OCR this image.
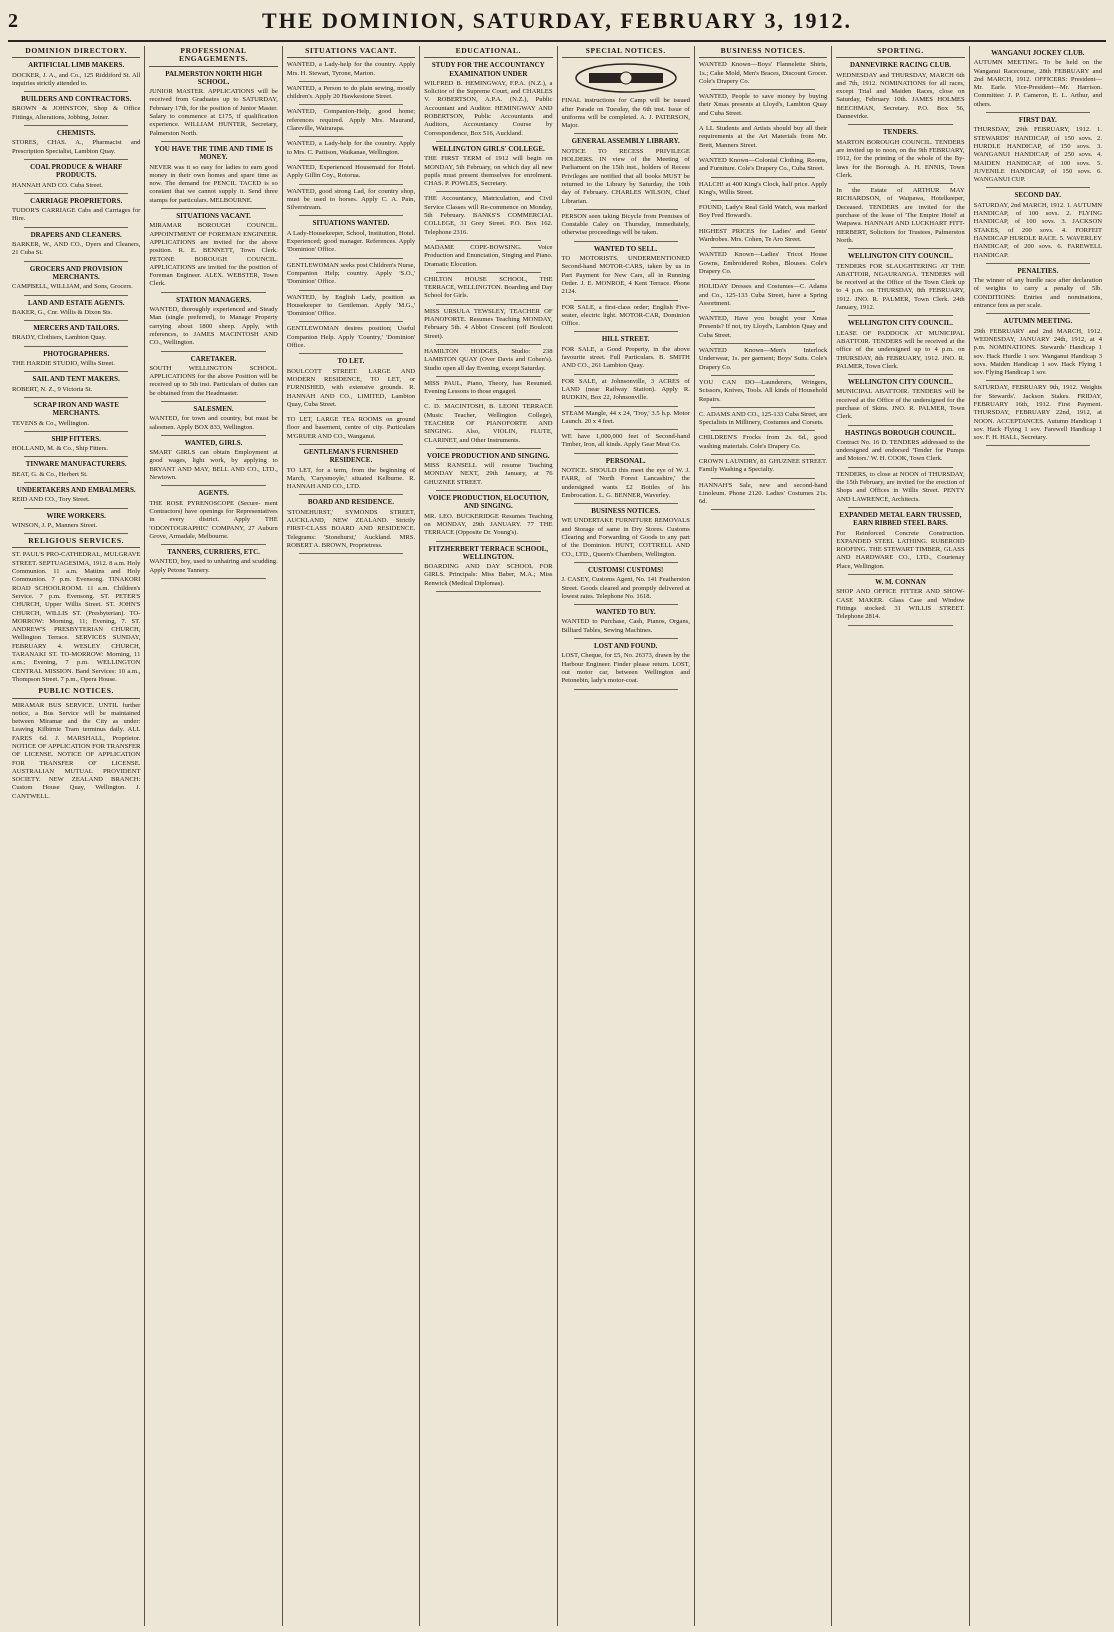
2	THE DOMINION, SATURDAY, FEBRUARY 3, 1912.
DOMINION DIRECTORY.
ARTIFICIAL LIMB MAKERS.
DOCKER, J. A., and Co., 125 Riddiford St. All inquiries strictly attended to.
BUILDERS AND CONTRACTORS.
BROWN & JOHNSTON, Shop & Office Fittings, Alterations, Jobbing, Joiner.
CHEMISTS.
STORES, CHAS. A., Pharmacist and Prescription Specialist, Lambton Quay.
COAL PRODUCE & WHARF PRODUCTS.
HANNAH AND CO. Cuba Street.
CARRIAGE PROPRIETORS.
TUDOR'S CARRIAGE Cabs and Carriages for Hire.
DRAPERS AND CLEANERS.
BARKER, W., AND CO., Dyers and Cleaners, 21 Cuba St.
GROCERS AND PROVISION MERCHANTS.
CAMPBELL, WILLIAM, and Sons, Grocers.
LAND AND ESTATE AGENTS.
BAKER, G., Cnr. Willis & Dixon Sts.
MERCERS AND TAILORS.
BRADY, Clothiers, Lambton Quay.
PHOTOGRAPHERS.
THE HARDIE STUDIO, Willis Street.
SAIL AND TENT MAKERS.
ROBERT, N. Z., 9 Victoria St.
SCRAP IRON AND WASTE MERCHANTS.
TEVENS & Co., Wellington.
SHIP FITTERS.
HOLLAND, M. & Co., Ship Fitters.
TINWARE MANUFACTURERS.
BEAT, G. & Co., Herbert St.
UNDERTAKERS AND EMBALMERS.
REID AND CO., Tory Street.
WIRE WORKERS.
WINSON, J. P., Manners Street.
RELIGIOUS SERVICES.
ST. PAUL'S PRO-CATHEDRAL, MULGRAVE STREET. SEPTUAGESIMA, 1912. 8 a.m. Holy Communion. 11 a.m. Mattins and Holy Communion. 7 p.m. Evensong. TINAKORI ROAD SCHOOLROOM. 11 a.m. Children's Service. 7 p.m. Evensong. ST. PETER'S CHURCH, Upper Willis Street. ST. JOHN'S CHURCH, WILLIS ST. (Presbyterian). TO-MORROW: Morning, 11; Evening, 7. ST. ANDREW'S PRESBYTERIAN CHURCH, Wellington Terrace. SERVICES SUNDAY, FEBRUARY 4. WESLEY CHURCH, TARANAKI ST. TO-MORROW: Morning, 11 a.m.; Evening, 7 p.m. WELLINGTON CENTRAL MISSION. Band Services: 10 a.m., Thompson Street. 7 p.m., Opera House.
PUBLIC NOTICES.
MIRAMAR BUS SERVICE. UNTIL further notice, a Bus Service will be maintained between Miramar and the City as under: Leaving Kilbirnie Tram terminus daily. ALL FARES 6d. J. MARSHALL, Proprietor. NOTICE OF APPLICATION FOR TRANSFER OF LICENSE. NOTICE OF APPLICATION FOR TRANSFER OF LICENSE. AUSTRALIAN MUTUAL PROVIDENT SOCIETY. NEW ZEALAND BRANCH: Custom House Quay, Wellington. J. CANTWELL.
PROFESSIONAL ENGAGEMENTS.
PALMERSTON NORTH HIGH SCHOOL.
JUNIOR MASTER. APPLICATIONS will be received from Graduates up to SATURDAY, February 17th, for the position of Junior Master. Salary to commence at £175, if qualification experience. WILLIAM HUNTER, Secretary, Palmerston North.
YOU HAVE THE TIME AND TIME IS MONEY.
NEVER was it so easy for ladies to earn good money in their own homes and spare time as now. The demand for PENCIL TACED is so constant that we cannot supply it. Send three stamps for particulars. MELBOURNE.
SITUATIONS VACANT.
MIRAMAR BOROUGH COUNCIL. APPOINTMENT OF FOREMAN ENGINEER. APPLICATIONS are invited for the above position. R. E. BENNETT, Town Clerk. PETONE BOROUGH COUNCIL. APPLICATIONS are invited for the position of Foreman Engineer. ALEX. WEBSTER, Town Clerk.
STATION MANAGERS.
WANTED, thoroughly experienced and Steady Man (single preferred), to Manage Property carrying about 1800 sheep. Apply, with references, to JAMES MACINTOSH AND CO., Wellington.
CARETAKER.
SOUTH WELLINGTON SCHOOL. APPLICATIONS for the above Position will be received up to 5th inst. Particulars of duties can be obtained from the Headmaster.
SALESMEN.
WANTED, for town and country, but must be salesmen. Apply BOX 833, Wellington.
WANTED, GIRLS.
SMART GIRLS can obtain Employment at good wages, light work, by applying to BRYANT AND MAY, BELL AND CO., LTD., Newtown.
AGENTS.
THE ROSE PYRENOSCOPE (Secure- ment Contractors) have openings for Representatives in every district. Apply THE 'ODONTOGRAPHIC' COMPANY, 27 Auburn Grove, Armadale, Melbourne.
TANNERS, CURRIERS, ETC.
WANTED, boy, used to unhairing and scudding. Apply Petone Tannery.
SITUATIONS VACANT.
WANTED, a Lady-help for the country. Apply Mrs. H. Stewart, Tyrone, Marton.
WANTED, a Person to do plain sewing, mostly children's. Apply 20 Hawkestone Street.
WANTED, Companion-Help, good home; references required. Apply Mrs. Maurand, Clareville, Wairarapa.
WANTED, a Lady-help for the country. Apply to Mrs. C. Pattison, Waikanae, Wellington.
WANTED, Experienced Housemaid for Hotel. Apply Gillin Coy., Rotorua.
WANTED, good strong Lad, for country shop, must be used to horses. Apply C. A. Pain, Silverstream.
SITUATIONS WANTED.
A Lady-Housekeeper, School, Institution, Hotel. Experienced; good manager. References. Apply 'Dominion' Office.
GENTLEWOMAN seeks post Children's Nurse, Companion Help; country. Apply 'S.O.,' 'Dominion' Office.
WANTED, by English Lady, position as Housekeeper to Gentleman. Apply 'M.G.,' 'Dominion' Office.
GENTLEWOMAN desires position; Useful Companion Help. Apply 'Country,' 'Dominion' Office.
TO LET.
BOULCOTT STREET. LARGE AND MODERN RESIDENCE, TO LET, or FURNISHED, with extensive grounds. R. HANNAH AND CO., LIMITED, Lambton Quay, Cuba Street.
TO LET, LARGE TEA ROOMS on ground floor and basement, centre of city. Particulars M'GRUER AND CO., Wanganui.
GENTLEMAN'S FURNISHED RESIDENCE.
TO LET, for a term, from the beginning of March, 'Carysmoyle,' situated Kelburne. R. HANNAH AND CO., LTD.
BOARD AND RESIDENCE.
'STONEHURST,' SYMONDS STREET, AUCKLAND, NEW ZEALAND. Strictly FIRST-CLASS BOARD AND RESIDENCE. Telegrams: 'Stonehurst,' Auckland. MRS. ROBERT A. BROWN, Proprietress.
EDUCATIONAL.
STUDY FOR THE ACCOUNTANCY EXAMINATION UNDER
WILFRED B. HEMINGWAY, F.P.A. (N.Z.), a Solicitor of the Supreme Court, and CHARLES V. ROBERTSON, A.P.A. (N.Z.), Public Accountant and Auditor. HEMINGWAY AND ROBERTSON, Public Accountants and Auditors, Accountancy Course by Correspondence, Box 516, Auckland.
WELLINGTON GIRLS' COLLEGE.
THE FIRST TERM of 1912 will begin on MONDAY, 5th February, on which day all new pupils must present themselves for enrolment. CHAS. P. POWLES, Secretary.
THE Accountancy, Matriculation, and Civil Service Classes will Re-commence on Monday, 5th February. BANKS'S COMMERCIAL COLLEGE, 31 Grey Street. P.O. Box 162. Telephone 2316.
MADAME COPE-BOWSING. Voice Production and Enunciation, Singing and Piano. Dramatic Elocution.
CHILTON HOUSE SCHOOL, THE TERRACE, WELLINGTON. Boarding and Day School for Girls.
MISS URSULA TEWSLEY, TEACHER OF PIANOFORTE. Resumes Teaching MONDAY, February 5th. 4 Abbot Crescent (off Boulcott Street).
HAMILTON HODGES, Studio: 238 LAMBTON QUAY (Over Davis and Cohen's). Studio open all day Evening, except Saturday.
MISS PAUL, Piano, Theory, has Resumed. Evening Lessons to those engaged.
C. D. MACINTOSH, B. LEONI TERRACE (Music Teacher, Wellington College), TEACHER OF PIANOFORTE AND SINGING. Also, VIOLIN, FLUTE, CLARINET, and Other Instruments.
VOICE PRODUCTION AND SINGING.
MISS RANSELL will resume Teaching MONDAY NEXT, 29th January, at 76 GHUZNEE STREET.
VOICE PRODUCTION, ELOCUTION, AND SINGING.
MR. LEO. BUCKERIDGE Resumes Teaching on MONDAY, 29th JANUARY. 77 THE TERRACE (Opposite Dr. Young's).
FITZHERBERT TERRACE SCHOOL, WELLINGTON.
BOARDING AND DAY SCHOOL FOR GIRLS. Principals: Miss Baber, M.A.; Miss Renwick (Medical Diplomas).
SPECIAL NOTICES.
FINAL instructions for Camp will be issued after Parade on Tuesday, the 6th inst. Issue of uniforms will be completed. A. J. PATERSON, Major.
GENERAL ASSEMBLY LIBRARY.
NOTICE TO RECESS PRIVILEGE HOLDERS. IN view of the Meeting of Parliament on the 15th inst., holders of Recess Privileges are notified that all books MUST be returned to the Library by Saturday, the 10th day of February. CHARLES WILSON, Chief Librarian.
PERSON seen taking Bicycle from Premises of Constable Caley on Thursday, immediately, otherwise proceedings will be taken.
WANTED TO SELL.
TO MOTORISTS. UNDERMENTIONED Second-hand MOTOR-CARS, taken by us in Part Payment for New Cars, all in Running Order. J. E. MONROE, 4 Kent Terrace. Phone 2124.
FOR SALE, a first-class order; English Five-seater, electric light. MOTOR-CAR, Dominion Office.
HILL STREET.
FOR SALE, a Good Property, in the above favourite street. Full Particulars. B. SMITH AND CO., 261 Lambton Quay.
FOR SALE, at Johnsonville, 3 ACRES of LAND (near Railway Station). Apply R. RUDKIN, Box 22, Johnsonville.
STEAM Mangle, 44 x 24, 'Troy,' 3.5 h.p. Motor Launch. 20 x 4 feet.
WE have 1,000,000 feet of Second-hand Timber, Iron, all kinds. Apply Gear Meat Co.
PERSONAL.
NOTICE. SHOULD this meet the eye of W. J. FARR, of 'North Forest Lancashire,' the undersigned wants £2 Bottles of his Embrocation. L. G. BENNER, Waverley.
BUSINESS NOTICES.
WE UNDERTAKE FURNITURE REMOVALS and Storage of same in Dry Stores. Customs Clearing and Forwarding of Goods to any part of the Dominion. HUNT, COTTRELL AND CO., LTD., Queen's Chambers, Wellington.
CUSTOMS! CUSTOMS!
J. CASEY, Customs Agent, No. 141 Featherston Street. Goods cleared and promptly delivered at lowest rates. Telephone No. 1618.
WANTED TO BUY.
WANTED to Purchase, Cash, Pianos, Organs, Billiard Tables, Sewing Machines.
LOST AND FOUND.
LOST, Cheque, for £5, No. 26373, drawn by the Harbour Engineer. Finder please return. LOST, out motor car, between Wellington and Petonebin, lady's motor-coat.
BUSINESS NOTICES.
WANTED Known—Boys' Flannelette Shirts, 1s.; Cake Mold, Men's Braces, Discount Grocer. Cole's Drapery Co.
WANTED, People to save money by buying their Xmas presents at Lloyd's, Lambton Quay and Cuba Street.
A LL Students and Artists should buy all their requirements at the Art Materials from Mr. Brett, Manners Street.
WANTED Known—Colonial Clothing, Rooms, and Furniture. Cole's Drapery Co., Cuba Street.
HALCH! at 400 King's Clock, half price. Apply King's, Willis Street.
FOUND, Lady's Real Gold Watch, was marked Boy Fred Howard's.
HIGHEST PRICES for Ladies' and Gents' Wardrobes. Mrs. Cohen, Te Aro Street.
WANTED Known—Ladies' Tricot House Gowns, Embroidered Robes, Blouses. Cole's Drapery Co.
HOLIDAY Dresses and Costumes—C. Adams and Co., 125-133 Cuba Street, have a Spring Assortment.
WANTED, Have you bought your Xmas Presents? If not, try Lloyd's, Lambton Quay and Cuba Street.
WANTED Known—Men's Interlock Underwear, 1s. per garment; Boys' Suits. Cole's Drapery Co.
YOU CAN DO—Launderers, Wringers, Scissors, Knives, Tools. All kinds of Household Repairs.
C. ADAMS AND CO., 125-133 Cuba Street, are Specialists in Millinery, Costumes and Corsets.
CHILDREN'S Frocks from 2s. 6d., good washing materials. Cole's Drapery Co.
CROWN LAUNDRY, 81 GHUZNEE STREET. Family Washing a Specialty.
HANNAH'S Sale, new and second-hand Linoleum. Phone 2120. Ladies' Costumes 21s. 6d.
SPORTING.
DANNEVIRKE RACING CLUB.
WEDNESDAY and THURSDAY, MARCH 6th and 7th, 1912. NOMINATIONS for all races, except Trial and Maiden Races, close on Saturday, February 10th. JAMES HOLMES BEECHMAN, Secretary. P.O. Box 56, Dannevirke.
TENDERS.
MARTON BOROUGH COUNCIL. TENDERS are invited up to noon, on the 9th FEBRUARY, 1912, for the printing of the whole of the By-laws for the Borough. A. H. ENNIS, Town Clerk.
In the Estate of ARTHUR MAY RICHARDSON, of Waipawa, Hotelkeeper, Deceased. TENDERS are invited for the purchase of the lease of 'The Empire Hotel' at Waipawa. HANNAH AND LUCKHART FITT-HERBERT, Solicitors for Trustees, Palmerston North.
WELLINGTON CITY COUNCIL.
TENDERS FOR SLAUGHTERING AT THE ABATTOIR, NGAURANGA. TENDERS will be received at the Office of the Town Clerk up to 4 p.m. on THURSDAY, 8th FEBRUARY, 1912. JNO. R. PALMER, Town Clerk. 24th January, 1912.
WELLINGTON CITY COUNCIL.
LEASE OF PADDOCK AT MUNICIPAL ABATTOIR. TENDERS will be received at the office of the undersigned up to 4 p.m. on THURSDAY, 8th FEBRUARY, 1912. JNO. R. PALMER, Town Clerk.
WELLINGTON CITY COUNCIL.
MUNICIPAL ABATTOIR. TENDERS will be received at the Office of the undersigned for the purchase of Skins. JNO. R. PALMER, Town Clerk.
HASTINGS BOROUGH COUNCIL.
Contract No. 16 D. TENDERS addressed to the undersigned and endorsed 'Tender for Pumps and Motors.' W. H. COOK, Town Clerk.
TENDERS, to close at NOON of THURSDAY, the 15th February, are invited for the erection of Shops and Offices in Willis Street. PENTY AND LAWRENCE, Architects.
EXPANDED METAL EARN TRUSSED, EARN RIBBED STEEL BARS.
For Reinforced Concrete Construction. EXPANDED STEEL LATHING. RUBEROID ROOFING. THE STEWART TIMBER, GLASS AND HARDWARE CO., LTD., Courtenay Place, Wellington.
W. M. CONNAN
SHOP AND OFFICE FITTER AND SHOW-CASE MAKER. Glass Case and Window Fittings stocked. 31 WILLIS STREET. Telephone 2814.
WANGANUI JOCKEY CLUB.
AUTUMN MEETING. To be held on the Wanganui Racecourse, 28th FEBRUARY and 2nd MARCH, 1912. OFFICERS: President—Mr. Earle. Vice-President—Mr. Harrison. Committee: J. P. Cameron, E. L. Arthur, and others.
FIRST DAY.
THURSDAY, 29th FEBRUARY, 1912. 1. STEWARDS' HANDICAP, of 150 sovs. 2. HURDLE HANDICAP, of 150 sovs. 3. WANGANUI HANDICAP, of 250 sovs. 4. MAIDEN HANDICAP, of 100 sovs. 5. JUVENILE HANDICAP, of 150 sovs. 6. WANGANUI CUP.
SECOND DAY.
SATURDAY, 2nd MARCH, 1912. 1. AUTUMN HANDICAP, of 100 sovs. 2. FLYING HANDICAP, of 100 sovs. 3. JACKSON STAKES, of 200 sovs. 4. FORFEIT HANDICAP HURDLE RACE. 5. WAVERLEY HANDICAP, of 200 sovs. 6. FAREWELL HANDICAP.
PENALTIES.
The winner of any hurdle race after declaration of weights to carry a penalty of 5lb. CONDITIONS: Entries and nominations, entrance fees as per scale.
AUTUMN MEETING.
29th FEBRUARY and 2nd MARCH, 1912. WEDNESDAY, JANUARY 24th, 1912, at 4 p.m. NOMINATIONS. Stewards' Handicap 1 sov. Hack Hurdle 1 sov. Wanganui Handicap 3 sovs. Maiden Handicap 1 sov. Hack Flying 1 sov. Flying Handicap 1 sov.
SATURDAY, FEBRUARY 9th, 1912. Weights for Stewards'. Jackson Stakes. FRIDAY, FEBRUARY 16th, 1912. First Payment. THURSDAY, FEBRUARY 22nd, 1912, at NOON. ACCEPTANCES. Autumn Handicap 1 sov. Hack Flying 1 sov. Farewell Handicap 1 sov. F. H. HALL, Secretary.
